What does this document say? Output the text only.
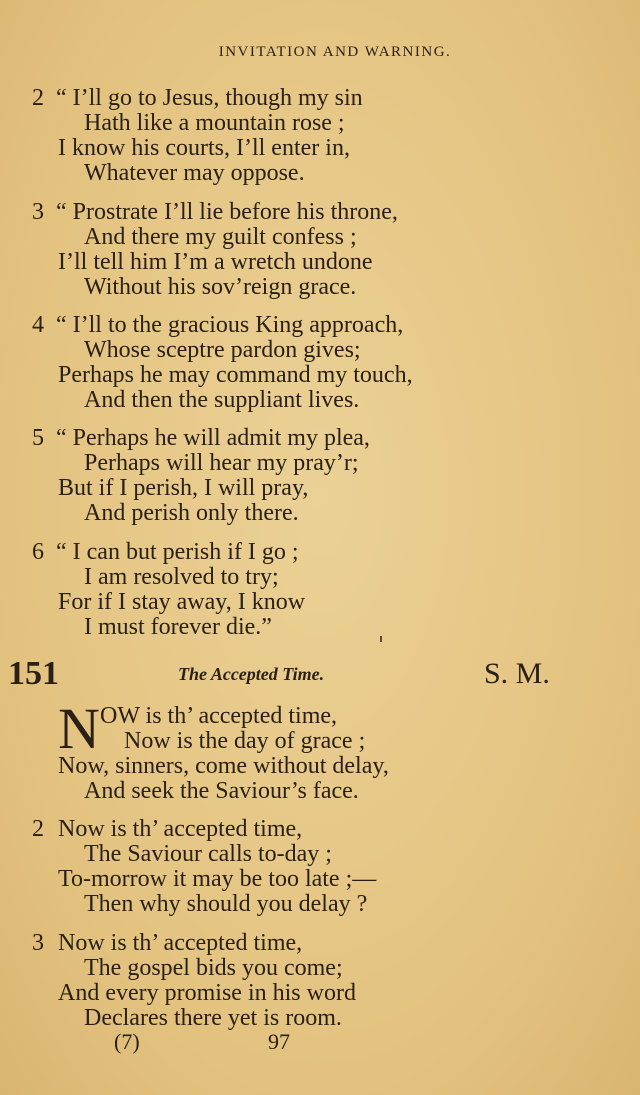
INVITATION AND WARNING.
2 “ I’ll go to Jesus, though my sin
Hath like a mountain rose ;
I know his courts, I’ll enter in,
Whatever may oppose.
3 “ Prostrate I’ll lie before his throne,
And there my guilt confess ;
I’ll tell him I’m a wretch undone
Without his sov’reign grace.
4 “ I’ll to the gracious King approach,
Whose sceptre pardon gives;
Perhaps he may command my touch,
And then the suppliant lives.
5 “ Perhaps he will admit my plea,
Perhaps will hear my pray’r;
But if I perish, I will pray,
And perish only there.
6 “ I can but perish if I go ;
I am resolved to try;
For if I stay away, I know
I must forever die.”
151	The Accepted Time.	S. M.
N OW is th’ accepted time,
Now is the day of grace ;
Now, sinners, come without delay,
And seek the Saviour’s face.
2 Now is th’ accepted time,
The Saviour calls to-day ;
To-morrow it may be too late ;—
Then why should you delay ?
3 Now is th’ accepted time,
The gospel bids you come;
And every promise in his word
Declares there yet is room.
(7)	97
